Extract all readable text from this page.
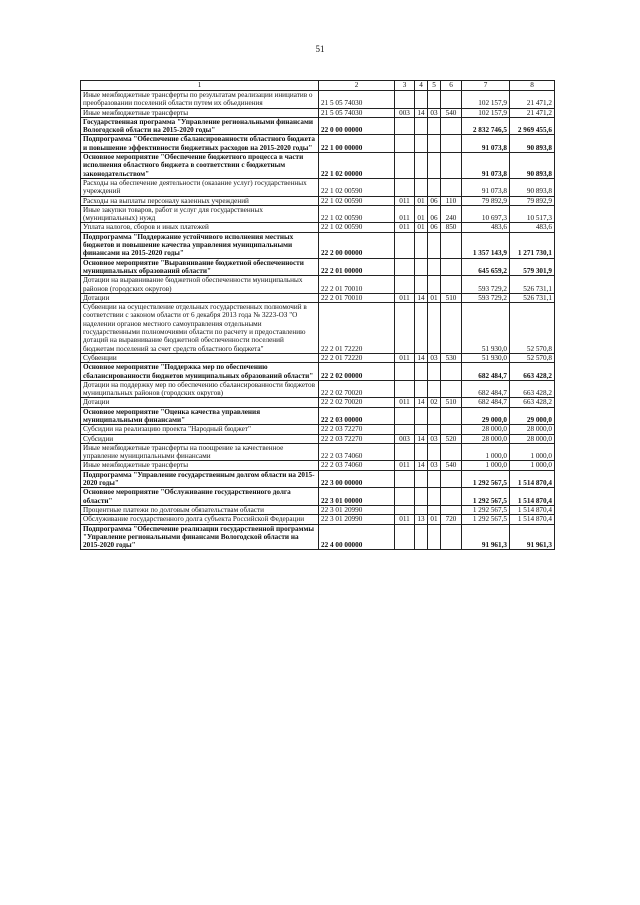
51
1	2	3	4	5	6	7	8
Иные межбюджетные трансферты по результатам реализации инициатив о преобразовании поселений области путем их объединения	21 5 05 74030					102 157,9	21 471,2
Иные межбюджетные трансферты	21 5 05 74030	003	14	03	540	102 157,9	21 471,2
Государственная программа "Управление региональными финансами Вологодской области на 2015-2020 годы"	22 0 00 00000					2 832 746,5	2 969 455,6
Подпрограмма "Обеспечение сбалансированности областного бюджета и повышение эффективности бюджетных расходов на 2015-2020 годы"	22 1 00 00000					91 073,8	90 893,8
Основное мероприятие "Обеспечение бюджетного процесса в части исполнения областного бюджета в соответствии с бюджетным законодательством"	22 1 02 00000					91 073,8	90 893,8
Расходы на обеспечение деятельности (оказание услуг) государственных учреждений	22 1 02 00590					91 073,8	90 893,8
Расходы на выплаты персоналу казенных учреждений	22 1 02 00590	011	01	06	110	79 892,9	79 892,9
Иные закупки товаров, работ и услуг для государственных (муниципальных) нужд	22 1 02 00590	011	01	06	240	10 697,3	10 517,3
Уплата налогов, сборов и иных платежей	22 1 02 00590	011	01	06	850	483,6	483,6
Подпрограмма "Поддержание устойчивого исполнения местных бюджетов и повышение качества управления муниципальными финансами на 2015-2020 годы"	22 2 00 00000					1 357 143,9	1 271 730,1
Основное мероприятие "Выравнивание бюджетной обеспеченности муниципальных образований области"	22 2 01 00000					645 659,2	579 301,9
Дотации на выравнивание бюджетной обеспеченности муниципальных районов (городских округов)	22 2 01 70010					593 729,2	526 731,1
Дотации	22 2 01 70010	011	14	01	510	593 729,2	526 731,1
Субвенции на осуществление отдельных государственных полномочий в соответствии с законом области от 6 декабря 2013 года № 3223-ОЗ "О наделении органов местного самоуправления отдельными государственными полномочиями области по расчету и предоставлению дотаций на выравнивание бюджетной обеспеченности поселений бюджетам поселений за счет средств областного бюджета"	22 2 01 72220					51 930,0	52 570,8
Субвенции	22 2 01 72220	011	14	03	530	51 930,0	52 570,8
Основное мероприятие "Поддержка мер по обеспечению сбалансированности бюджетов муниципальных образований области"	22 2 02 00000					682 484,7	663 428,2
Дотации на поддержку мер по обеспечению сбалансированности бюджетов муниципальных районов (городских округов)	22 2 02 70020					682 484,7	663 428,2
Дотации	22 2 02 70020	011	14	02	510	682 484,7	663 428,2
Основное мероприятие "Оценка качества управления муниципальными финансами"	22 2 03 00000					29 000,0	29 000,0
Субсидии на реализацию проекта "Народный бюджет"	22 2 03 72270					28 000,0	28 000,0
Субсидии	22 2 03 72270	003	14	03	520	28 000,0	28 000,0
Иные межбюджетные трансферты на поощрение за качественное управление муниципальными финансами	22 2 03 74060					1 000,0	1 000,0
Иные межбюджетные трансферты	22 2 03 74060	011	14	03	540	1 000,0	1 000,0
Подпрограмма "Управление государственным долгом области на 2015-2020 годы"	22 3 00 00000					1 292 567,5	1 514 870,4
Основное мероприятие "Обслуживание государственного долга области"	22 3 01 00000					1 292 567,5	1 514 870,4
Процентные платежи по долговым обязательствам области	22 3 01 20990					1 292 567,5	1 514 870,4
Обслуживание государственного долга субъекта Российской Федерации	22 3 01 20990	011	13	01	720	1 292 567,5	1 514 870,4
Подпрограмма "Обеспечение реализации государственной программы "Управление региональными финансами Вологодской области на 2015-2020 годы"	22 4 00 00000					91 961,3	91 961,3
